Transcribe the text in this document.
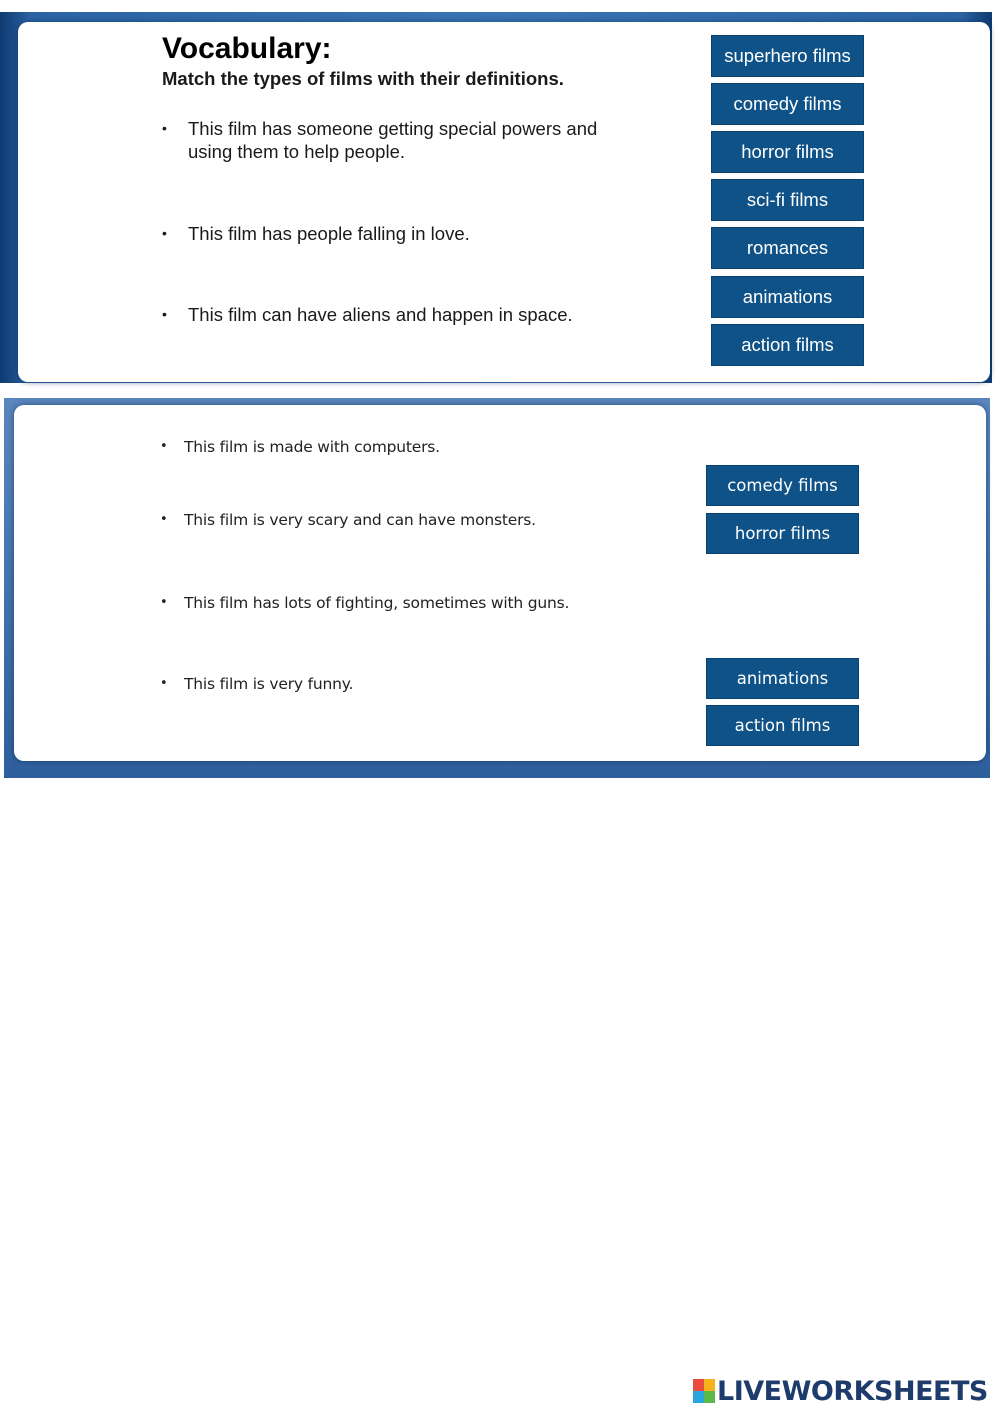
Vocabulary:
Match the types of films with their definitions.
•	This film has someone getting special powers and using them to help people.
•	This film has people falling in love.
•	This film can have aliens and happen in space.
superhero films
comedy films
horror films
sci-fi films
romances
animations
action films
•	This film is made with computers.
•	This film is very scary and can have monsters.
•	This film has lots of fighting, sometimes with guns.
•	This film is very funny.
comedy films
horror films
animations
action films
LIVEWORKSHEETS
